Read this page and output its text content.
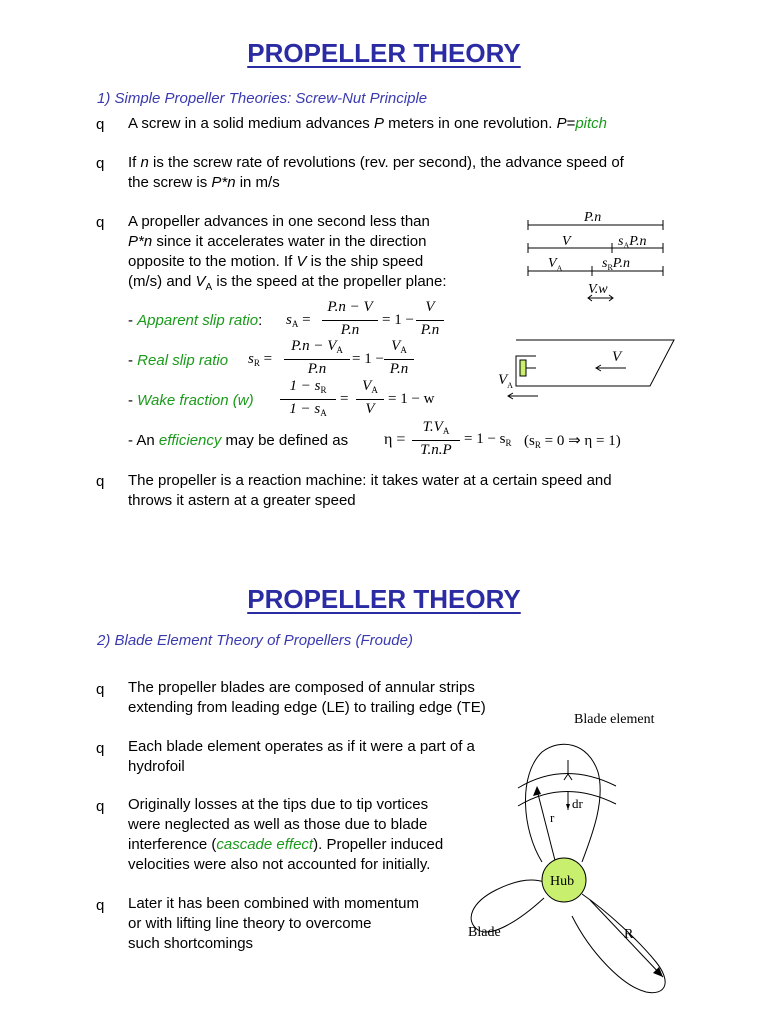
PROPELLER THEORY
1) Simple Propeller Theories: Screw-Nut Principle
q A screw in a solid medium advances P meters in one revolution. P=pitch
q If n is the screw rate of revolutions (rev. per second), the advance speed of
the screw is P*n in m/s
q A propeller advances in one second less than
P*n since it accelerates water in the direction
opposite to the motion. If V is the ship speed
(m/s) and $V_A$ is the speed at the propeller plane:
- Apparent slip ratio: $s_A$ =
P.n − V
P.n
= 1 −
V
P.n
- Real slip ratio $s_R$ =
$P.n - V_A$
P.n
= 1 −
$V_A$
P.n
- Wake fraction (w)
$1 - s_R$
$1 - s_A$
=
$V_A$
V
= 1 − w
- An efficiency may be defined as η =
$T.V_A$
T.n.P
= $1 - s_R$ ($s_R = 0$ ⇒ η = 1)
q The propeller is a reaction machine: it takes water at a certain speed and
throws it astern at a greater speed
P.n
V	$s_AP.n$
$V_A$	$s_RP.n$
V.w
V
$V_A$
PROPELLER THEORY
2) Blade Element Theory of Propellers (Froude)
q The propeller blades are composed of annular strips
extending from leading edge (LE) to trailing edge (TE)
q Each blade element operates as if it were a part of a
hydrofoil
q Originally losses at the tips due to tip vortices
were neglected as well as those due to blade
interference (cascade effect). Propeller induced
velocities were also not accounted for initially.
q Later it has been combined with momentum
or with lifting line theory to overcome
such shortcomings
Blade element
Hub
dr
r
Blade	R
